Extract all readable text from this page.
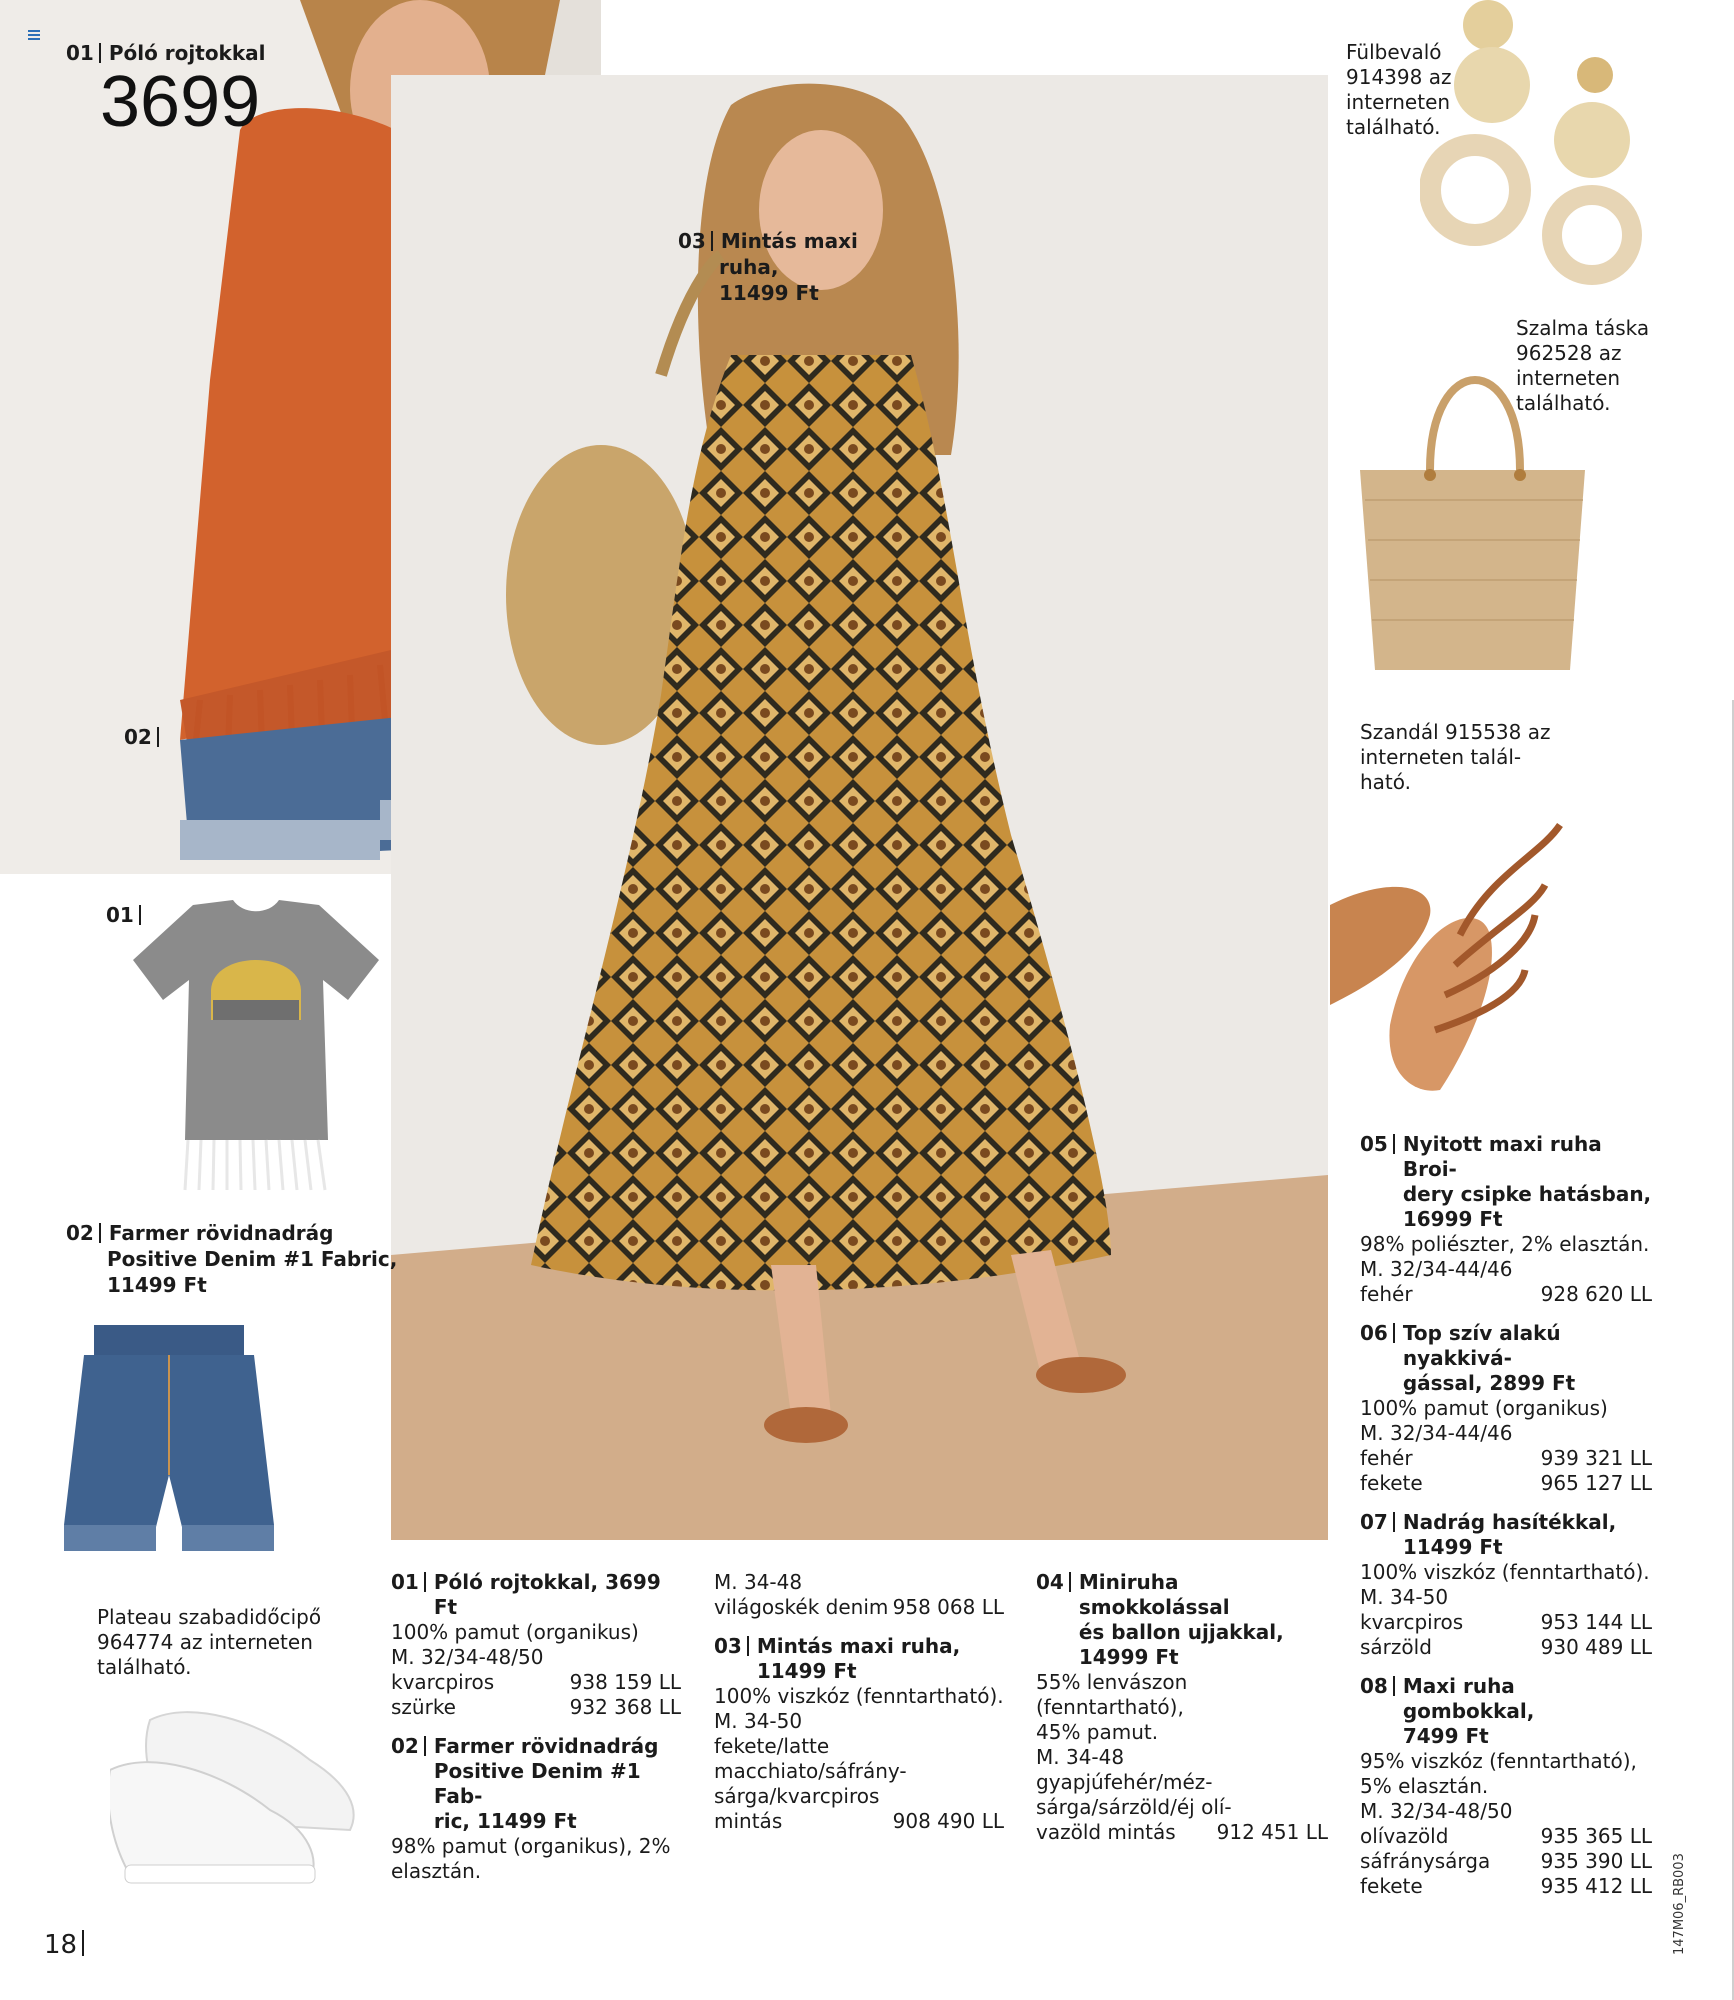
01 Póló rojtokkal
3699
02
03 Mintás maxi
ruha,
11499 Ft
01
02 Farmer rövidnadrág
Positive Denim #1 Fabric,
11499 Ft
Plateau szabadidőcipő
964774 az interneten
található.
Fülbevaló
914398 az
interneten
található.
Szalma táska
962528 az
interneten
található.
Szandál 915538 az
interneten talál-
ható.
01 Póló rojtokkal, 3699 Ft
100% pamut (organikus)
M. 32/34-48/50
kvarcpiros	938 159 LL
szürke	932 368 LL
02 Farmer rövidnadrág
Positive Denim #1 Fab-
ric, 11499 Ft
98% pamut (organikus), 2%
elasztán.
M. 34-48
világoskék denim 958 068 LL
03 Mintás maxi ruha,
11499 Ft
100% viszkóz (fenntartható).
M. 34-50
fekete/latte
macchiato/sáfrány-
sárga/kvarcpiros
mintás	908 490 LL
04 Miniruha smokkolással
és ballon ujjakkal,
14999 Ft
55% lenvászon (fenntartható),
45% pamut.
M. 34-48
gyapjúfehér/méz-
sárga/sárzöld/éj olí-
vazöld mintás 912 451 LL
05 Nyitott maxi ruha Broi-
dery csipke hatásban,
16999 Ft
98% poliészter, 2% elasztán.
M. 32/34-44/46
fehér	928 620 LL
06 Top szív alakú nyakkivá-
gással, 2899 Ft
100% pamut (organikus)
M. 32/34-44/46
fehér	939 321 LL
fekete	965 127 LL
07 Nadrág hasítékkal,
11499 Ft
100% viszkóz (fenntartható).
M. 34-50
kvarcpiros	953 144 LL
sárzöld	930 489 LL
08 Maxi ruha gombokkal,
7499 Ft
95% viszkóz (fenntartható),
5% elasztán.
M. 32/34-48/50
olívazöld	935 365 LL
sáfránysárga	935 390 LL
fekete	935 412 LL
18	147M06_RB003
